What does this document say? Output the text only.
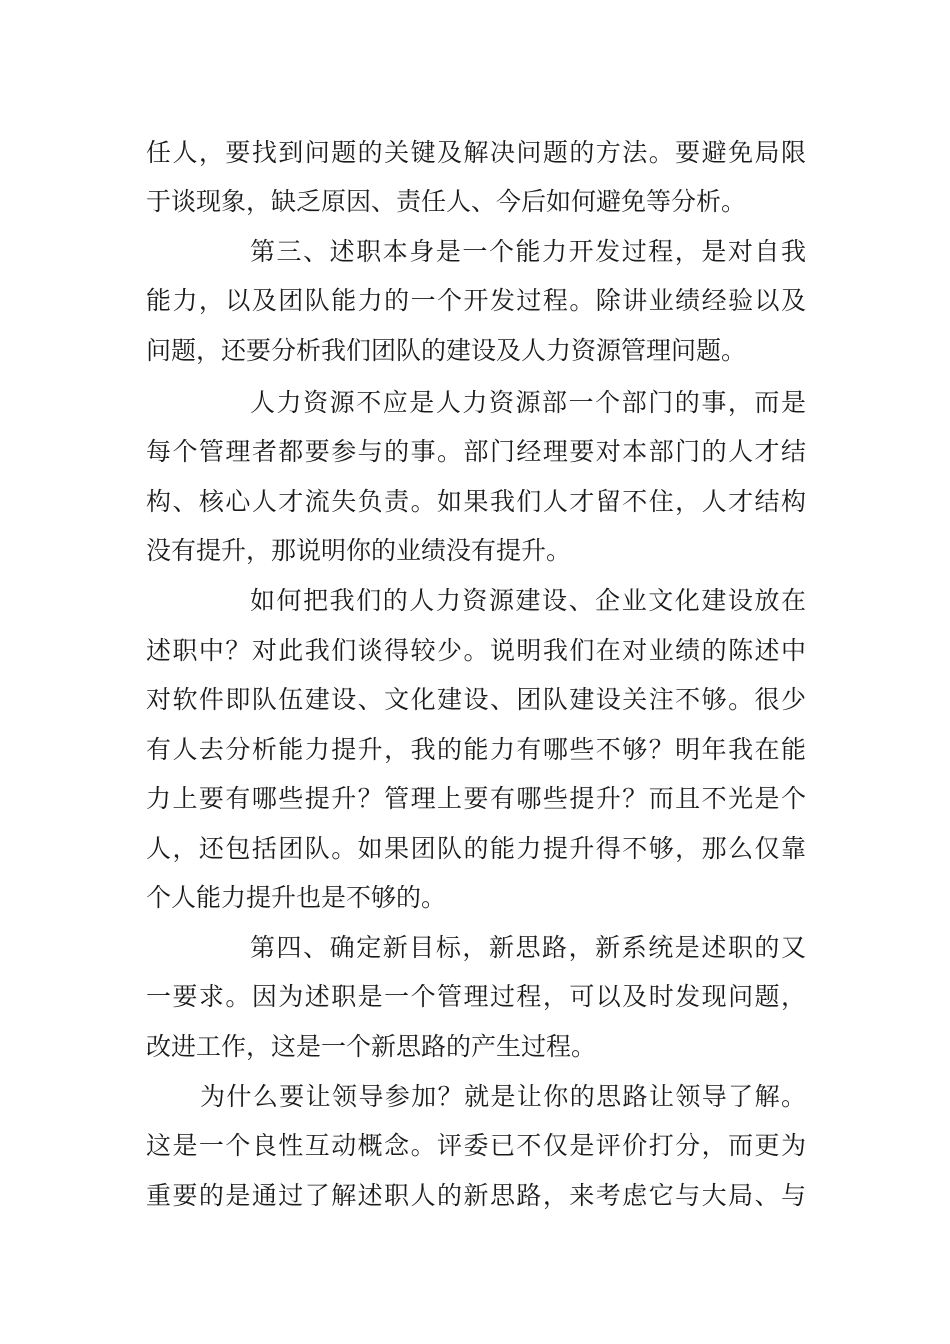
任人，要找到问题的关键及解决问题的方法。要避免局限
于谈现象，缺乏原因、责任人、今后如何避免等分析。
第三、述职本身是一个能力开发过程，是对自我
能力，以及团队能力的一个开发过程。除讲业绩经验以及
问题，还要分析我们团队的建设及人力资源管理问题。
人力资源不应是人力资源部一个部门的事，而是
每个管理者都要参与的事。部门经理要对本部门的人才结
构、核心人才流失负责。如果我们人才留不住，人才结构
没有提升，那说明你的业绩没有提升。
如何把我们的人力资源建设、企业文化建设放在
述职中？对此我们谈得较少。说明我们在对业绩的陈述中
对软件即队伍建设、文化建设、团队建设关注不够。很少
有人去分析能力提升，我的能力有哪些不够？明年我在能
力上要有哪些提升？管理上要有哪些提升？而且不光是个
人，还包括团队。如果团队的能力提升得不够，那么仅靠
个人能力提升也是不够的。
第四、确定新目标，新思路，新系统是述职的又
一要求。因为述职是一个管理过程，可以及时发现问题，
改进工作，这是一个新思路的产生过程。
为什么要让领导参加？就是让你的思路让领导了解。
这是一个良性互动概念。评委已不仅是评价打分，而更为
重要的是通过了解述职人的新思路，来考虑它与大局、与
